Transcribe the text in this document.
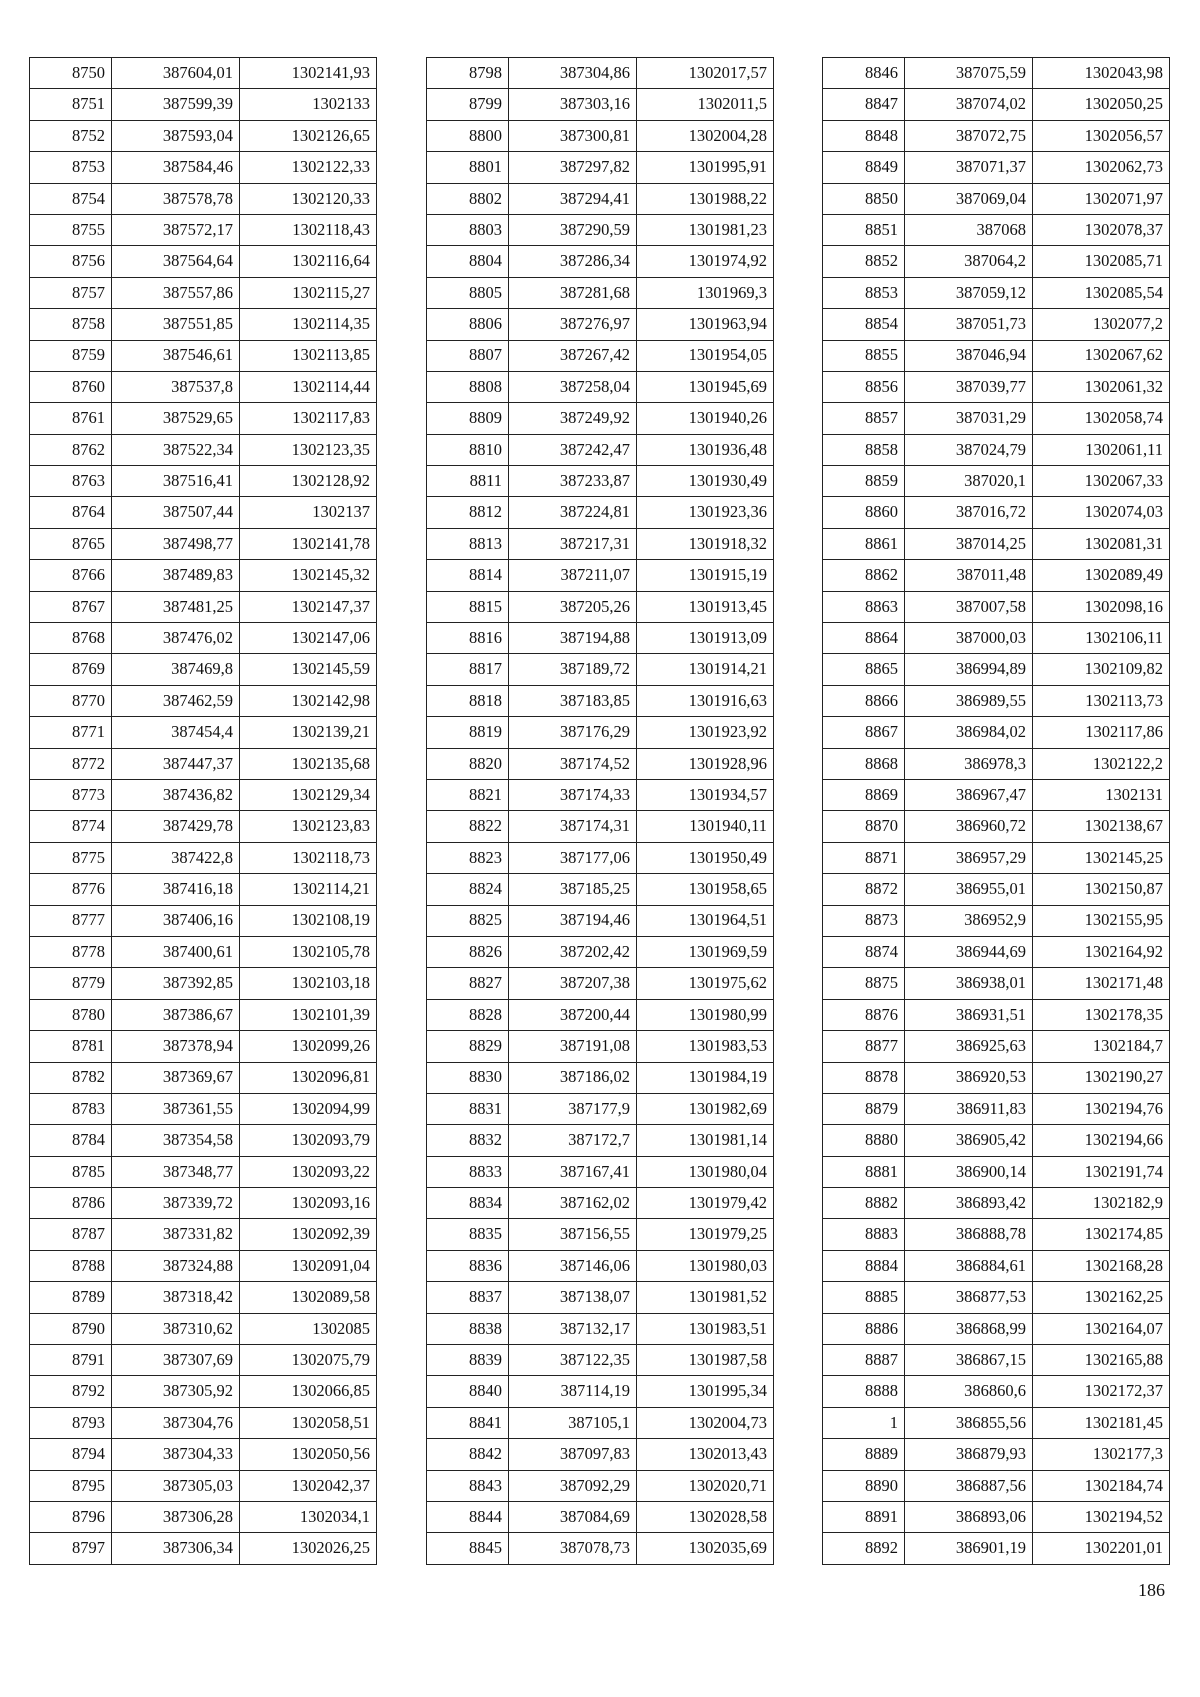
8750	387604,01	1302141,93
8751	387599,39	1302133
8752	387593,04	1302126,65
8753	387584,46	1302122,33
8754	387578,78	1302120,33
8755	387572,17	1302118,43
8756	387564,64	1302116,64
8757	387557,86	1302115,27
8758	387551,85	1302114,35
8759	387546,61	1302113,85
8760	387537,8	1302114,44
8761	387529,65	1302117,83
8762	387522,34	1302123,35
8763	387516,41	1302128,92
8764	387507,44	1302137
8765	387498,77	1302141,78
8766	387489,83	1302145,32
8767	387481,25	1302147,37
8768	387476,02	1302147,06
8769	387469,8	1302145,59
8770	387462,59	1302142,98
8771	387454,4	1302139,21
8772	387447,37	1302135,68
8773	387436,82	1302129,34
8774	387429,78	1302123,83
8775	387422,8	1302118,73
8776	387416,18	1302114,21
8777	387406,16	1302108,19
8778	387400,61	1302105,78
8779	387392,85	1302103,18
8780	387386,67	1302101,39
8781	387378,94	1302099,26
8782	387369,67	1302096,81
8783	387361,55	1302094,99
8784	387354,58	1302093,79
8785	387348,77	1302093,22
8786	387339,72	1302093,16
8787	387331,82	1302092,39
8788	387324,88	1302091,04
8789	387318,42	1302089,58
8790	387310,62	1302085
8791	387307,69	1302075,79
8792	387305,92	1302066,85
8793	387304,76	1302058,51
8794	387304,33	1302050,56
8795	387305,03	1302042,37
8796	387306,28	1302034,1
8797	387306,34	1302026,25
8798	387304,86	1302017,57
8799	387303,16	1302011,5
8800	387300,81	1302004,28
8801	387297,82	1301995,91
8802	387294,41	1301988,22
8803	387290,59	1301981,23
8804	387286,34	1301974,92
8805	387281,68	1301969,3
8806	387276,97	1301963,94
8807	387267,42	1301954,05
8808	387258,04	1301945,69
8809	387249,92	1301940,26
8810	387242,47	1301936,48
8811	387233,87	1301930,49
8812	387224,81	1301923,36
8813	387217,31	1301918,32
8814	387211,07	1301915,19
8815	387205,26	1301913,45
8816	387194,88	1301913,09
8817	387189,72	1301914,21
8818	387183,85	1301916,63
8819	387176,29	1301923,92
8820	387174,52	1301928,96
8821	387174,33	1301934,57
8822	387174,31	1301940,11
8823	387177,06	1301950,49
8824	387185,25	1301958,65
8825	387194,46	1301964,51
8826	387202,42	1301969,59
8827	387207,38	1301975,62
8828	387200,44	1301980,99
8829	387191,08	1301983,53
8830	387186,02	1301984,19
8831	387177,9	1301982,69
8832	387172,7	1301981,14
8833	387167,41	1301980,04
8834	387162,02	1301979,42
8835	387156,55	1301979,25
8836	387146,06	1301980,03
8837	387138,07	1301981,52
8838	387132,17	1301983,51
8839	387122,35	1301987,58
8840	387114,19	1301995,34
8841	387105,1	1302004,73
8842	387097,83	1302013,43
8843	387092,29	1302020,71
8844	387084,69	1302028,58
8845	387078,73	1302035,69
8846	387075,59	1302043,98
8847	387074,02	1302050,25
8848	387072,75	1302056,57
8849	387071,37	1302062,73
8850	387069,04	1302071,97
8851	387068	1302078,37
8852	387064,2	1302085,71
8853	387059,12	1302085,54
8854	387051,73	1302077,2
8855	387046,94	1302067,62
8856	387039,77	1302061,32
8857	387031,29	1302058,74
8858	387024,79	1302061,11
8859	387020,1	1302067,33
8860	387016,72	1302074,03
8861	387014,25	1302081,31
8862	387011,48	1302089,49
8863	387007,58	1302098,16
8864	387000,03	1302106,11
8865	386994,89	1302109,82
8866	386989,55	1302113,73
8867	386984,02	1302117,86
8868	386978,3	1302122,2
8869	386967,47	1302131
8870	386960,72	1302138,67
8871	386957,29	1302145,25
8872	386955,01	1302150,87
8873	386952,9	1302155,95
8874	386944,69	1302164,92
8875	386938,01	1302171,48
8876	386931,51	1302178,35
8877	386925,63	1302184,7
8878	386920,53	1302190,27
8879	386911,83	1302194,76
8880	386905,42	1302194,66
8881	386900,14	1302191,74
8882	386893,42	1302182,9
8883	386888,78	1302174,85
8884	386884,61	1302168,28
8885	386877,53	1302162,25
8886	386868,99	1302164,07
8887	386867,15	1302165,88
8888	386860,6	1302172,37
1	386855,56	1302181,45
8889	386879,93	1302177,3
8890	386887,56	1302184,74
8891	386893,06	1302194,52
8892	386901,19	1302201,01
186
